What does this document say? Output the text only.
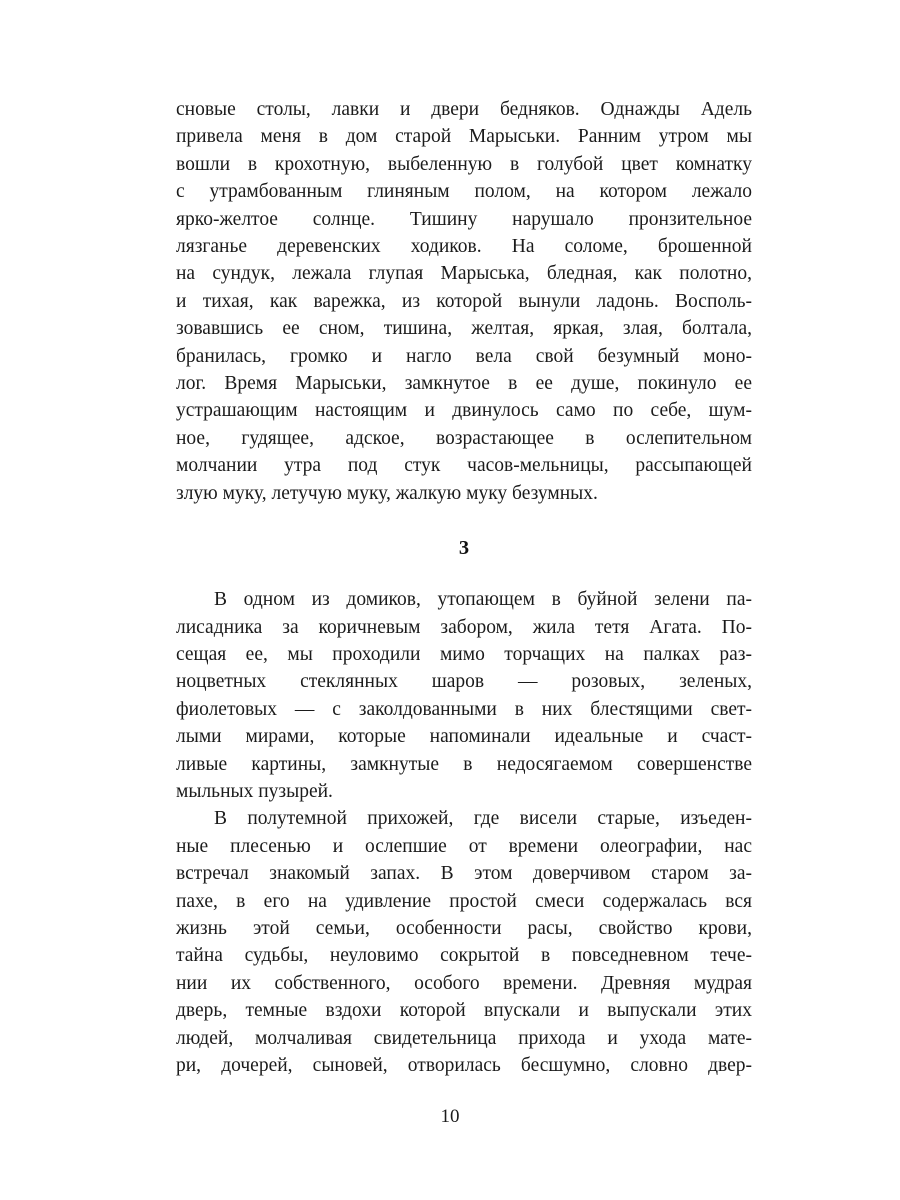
сновые столы, лавки и двери бедняков. Однажды Адель
привела меня в дом старой Марыськи. Ранним утром мы
вошли в крохотную, выбеленную в голубой цвет комнатку
с утрамбованным глиняным полом, на котором лежало
ярко-желтое солнце. Тишину нарушало пронзительное
лязганье деревенских ходиков. На соломе, брошенной
на сундук, лежала глупая Марыська, бледная, как полотно,
и тихая, как варежка, из которой вынули ладонь. Восполь-
зовавшись ее сном, тишина, желтая, яркая, злая, болтала,
бранилась, громко и нагло вела свой безумный моно-
лог. Время Марыськи, замкнутое в ее душе, покинуло ее
устрашающим настоящим и двинулось само по себе, шум-
ное, гудящее, адское, возрастающее в ослепительном
молчании утра под стук часов-мельницы, рассыпающей
злую муку, летучую муку, жалкую муку безумных.
3
В одном из домиков, утопающем в буйной зелени па-
лисадника за коричневым забором, жила тетя Агата. По-
сещая ее, мы проходили мимо торчащих на палках раз-
ноцветных стеклянных шаров — розовых, зеленых,
фиолетовых — с заколдованными в них блестящими свет-
лыми мирами, которые напоминали идеальные и счаст-
ливые картины, замкнутые в недосягаемом совершенстве
мыльных пузырей.
В полутемной прихожей, где висели старые, изъеден-
ные плесенью и ослепшие от времени олеографии, нас
встречал знакомый запах. В этом доверчивом старом за-
пахе, в его на удивление простой смеси содержалась вся
жизнь этой семьи, особенности расы, свойство крови,
тайна судьбы, неуловимо сокрытой в повседневном тече-
нии их собственного, особого времени. Древняя мудрая
дверь, темные вздохи которой впускали и выпускали этих
людей, молчаливая свидетельница прихода и ухода мате-
ри, дочерей, сыновей, отворилась бесшумно, словно двер-
10
